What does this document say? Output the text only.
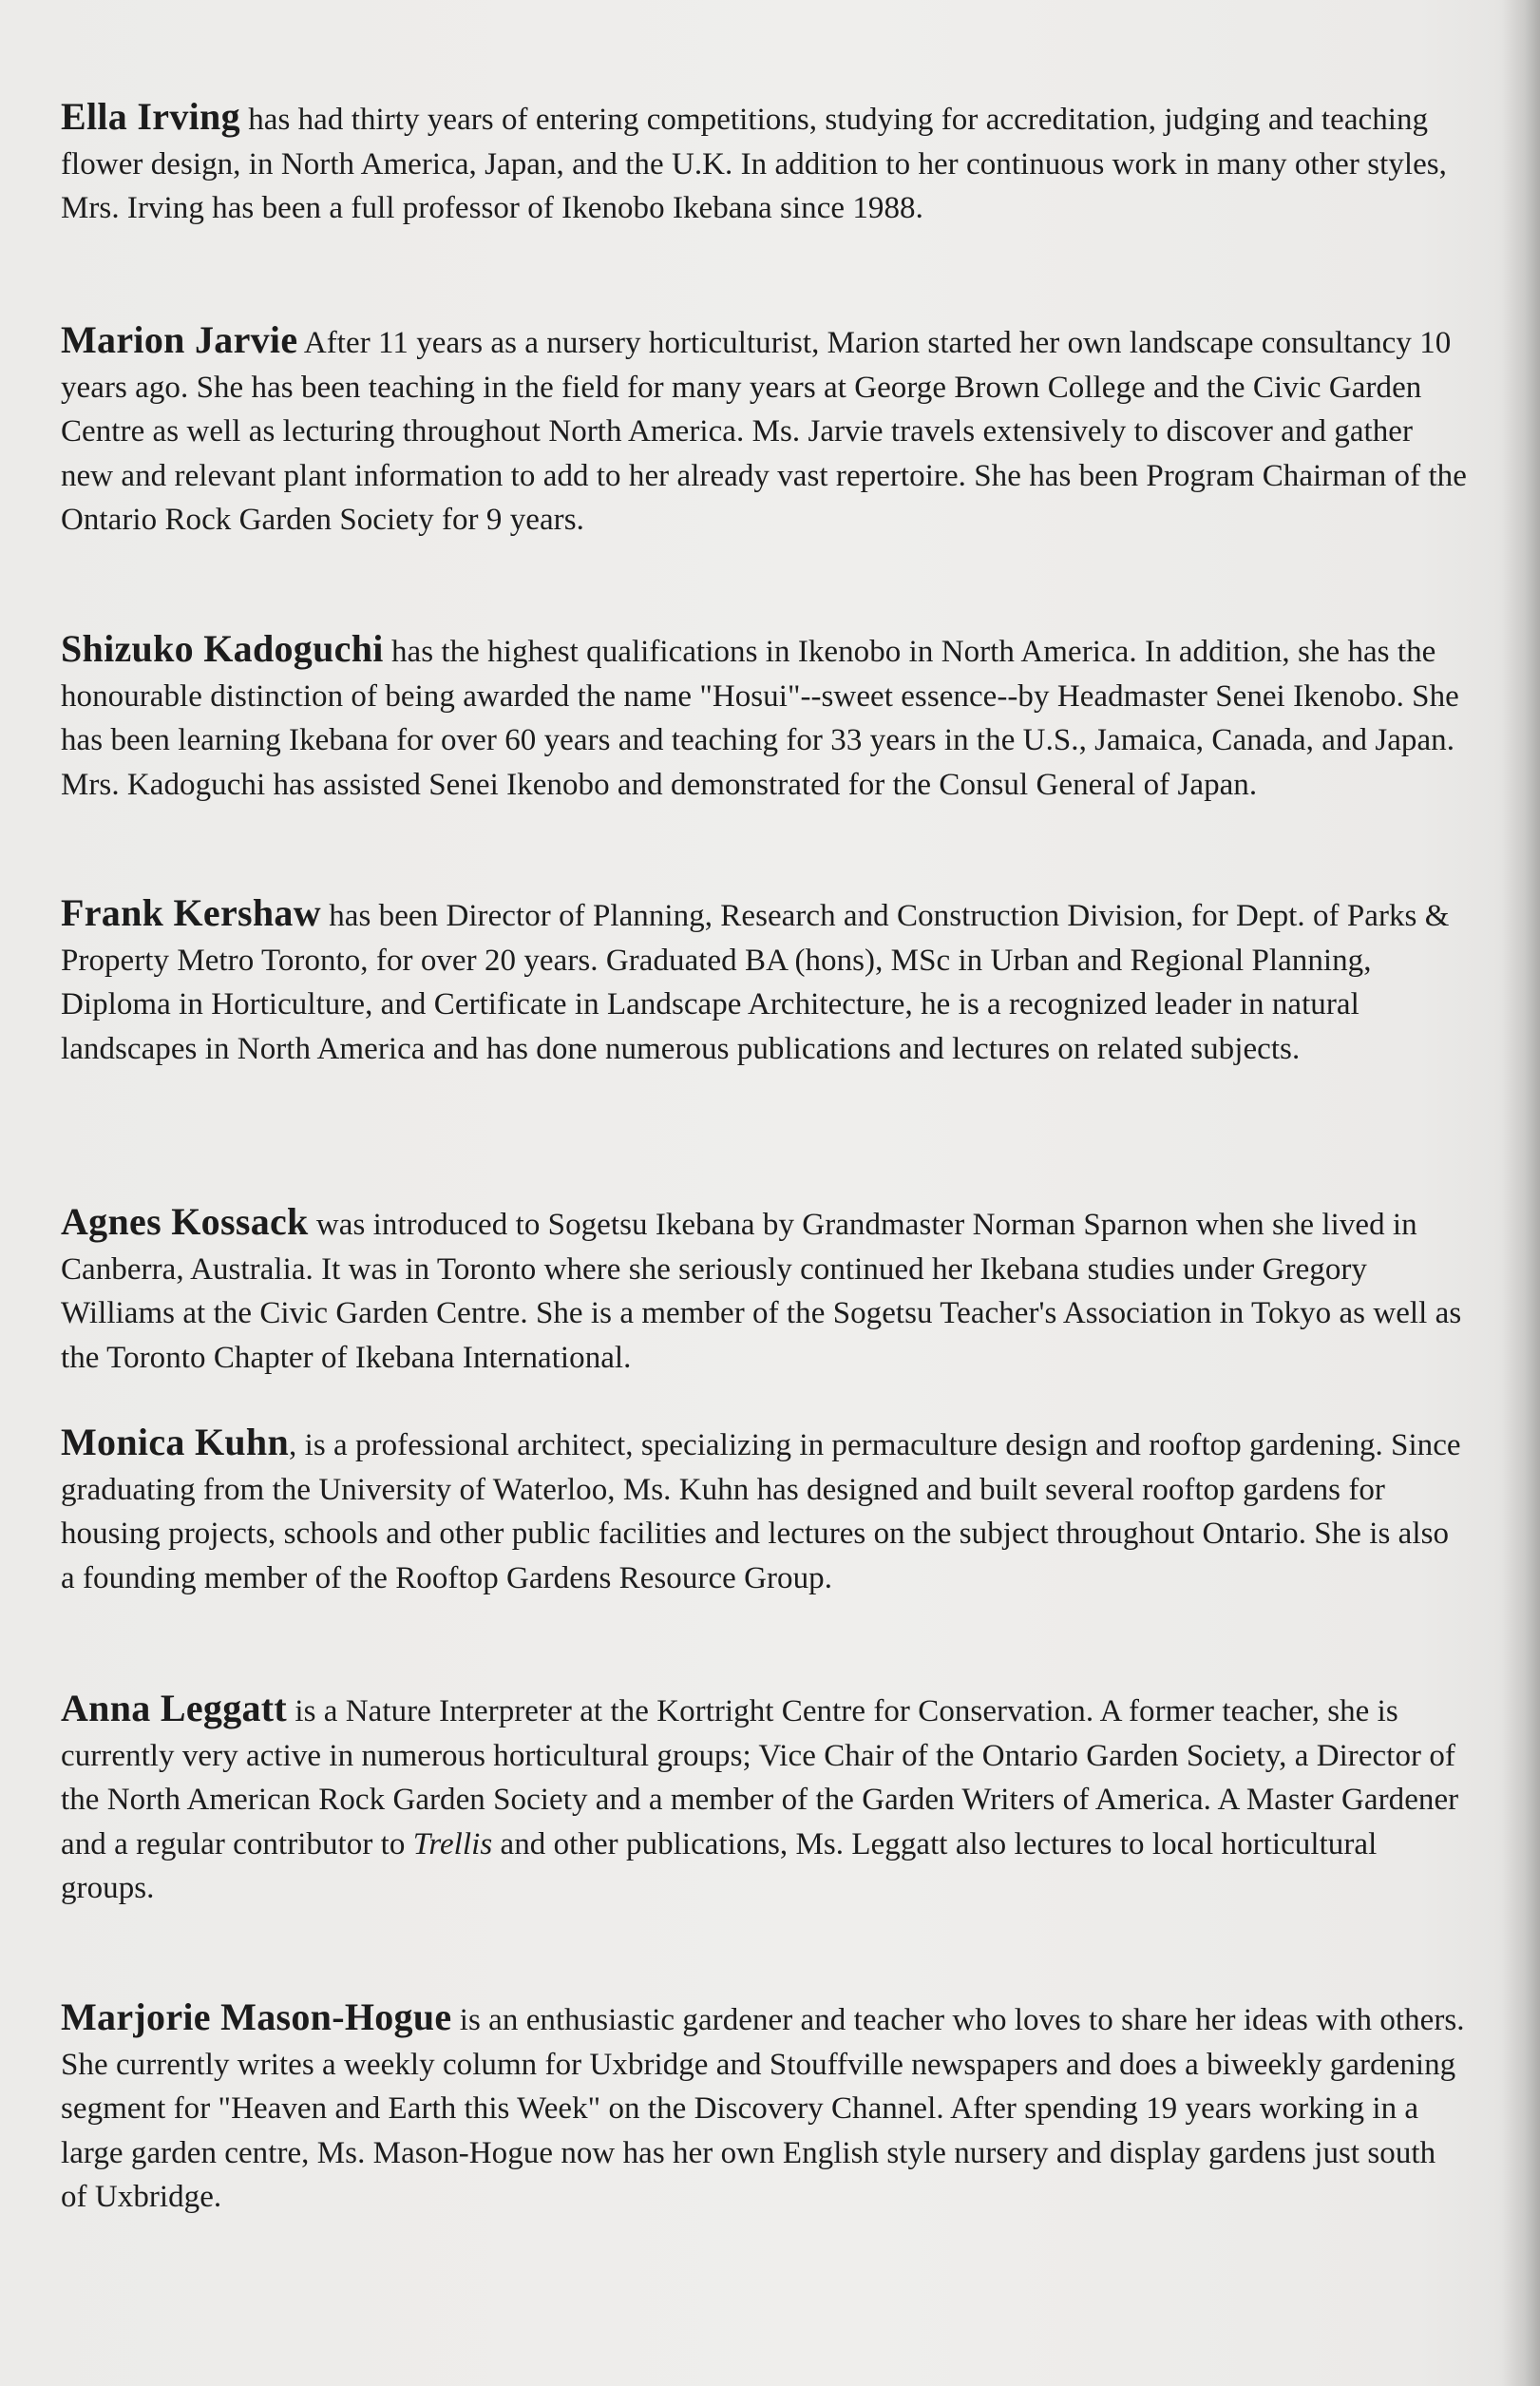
Ella Irving has had thirty years of entering competitions, studying for accreditation, judging and teaching flower design, in North America, Japan, and the U.K. In addition to her continuous work in many other styles, Mrs. Irving has been a full professor of Ikenobo Ikebana since 1988.

Marion Jarvie After 11 years as a nursery horticulturist, Marion started her own landscape consultancy 10 years ago. She has been teaching in the field for many years at George Brown College and the Civic Garden Centre as well as lecturing throughout North America. Ms. Jarvie travels extensively to discover and gather new and relevant plant information to add to her already vast repertoire. She has been Program Chairman of the Ontario Rock Garden Society for 9 years.

Shizuko Kadoguchi has the highest qualifications in Ikenobo in North America. In addition, she has the honourable distinction of being awarded the name "Hosui"--sweet essence--by Headmaster Senei Ikenobo. She has been learning Ikebana for over 60 years and teaching for 33 years in the U.S., Jamaica, Canada, and Japan. Mrs. Kadoguchi has assisted Senei Ikenobo and demonstrated for the Consul General of Japan.

Frank Kershaw has been Director of Planning, Research and Construction Division, for Dept. of Parks & Property Metro Toronto, for over 20 years. Graduated BA (hons), MSc in Urban and Regional Planning, Diploma in Horticulture, and Certificate in Landscape Architecture, he is a recognized leader in natural landscapes in North America and has done numerous publications and lectures on related subjects.

Agnes Kossack was introduced to Sogetsu Ikebana by Grandmaster Norman Sparnon when she lived in Canberra, Australia. It was in Toronto where she seriously continued her Ikebana studies under Gregory Williams at the Civic Garden Centre. She is a member of the Sogetsu Teacher's Association in Tokyo as well as the Toronto Chapter of Ikebana International.

Monica Kuhn, is a professional architect, specializing in permaculture design and rooftop gardening. Since graduating from the University of Waterloo, Ms. Kuhn has designed and built several rooftop gardens for housing projects, schools and other public facilities and lectures on the subject throughout Ontario. She is also a founding member of the Rooftop Gardens Resource Group.

Anna Leggatt is a Nature Interpreter at the Kortright Centre for Conservation. A former teacher, she is currently very active in numerous horticultural groups; Vice Chair of the Ontario Garden Society, a Director of the North American Rock Garden Society and a member of the Garden Writers of America. A Master Gardener and a regular contributor to Trellis and other publications, Ms. Leggatt also lectures to local horticultural groups.

Marjorie Mason-Hogue is an enthusiastic gardener and teacher who loves to share her ideas with others. She currently writes a weekly column for Uxbridge and Stouffville newspapers and does a biweekly gardening segment for "Heaven and Earth this Week" on the Discovery Channel. After spending 19 years working in a large garden centre, Ms. Mason-Hogue now has her own English style nursery and display gardens just south of Uxbridge.
